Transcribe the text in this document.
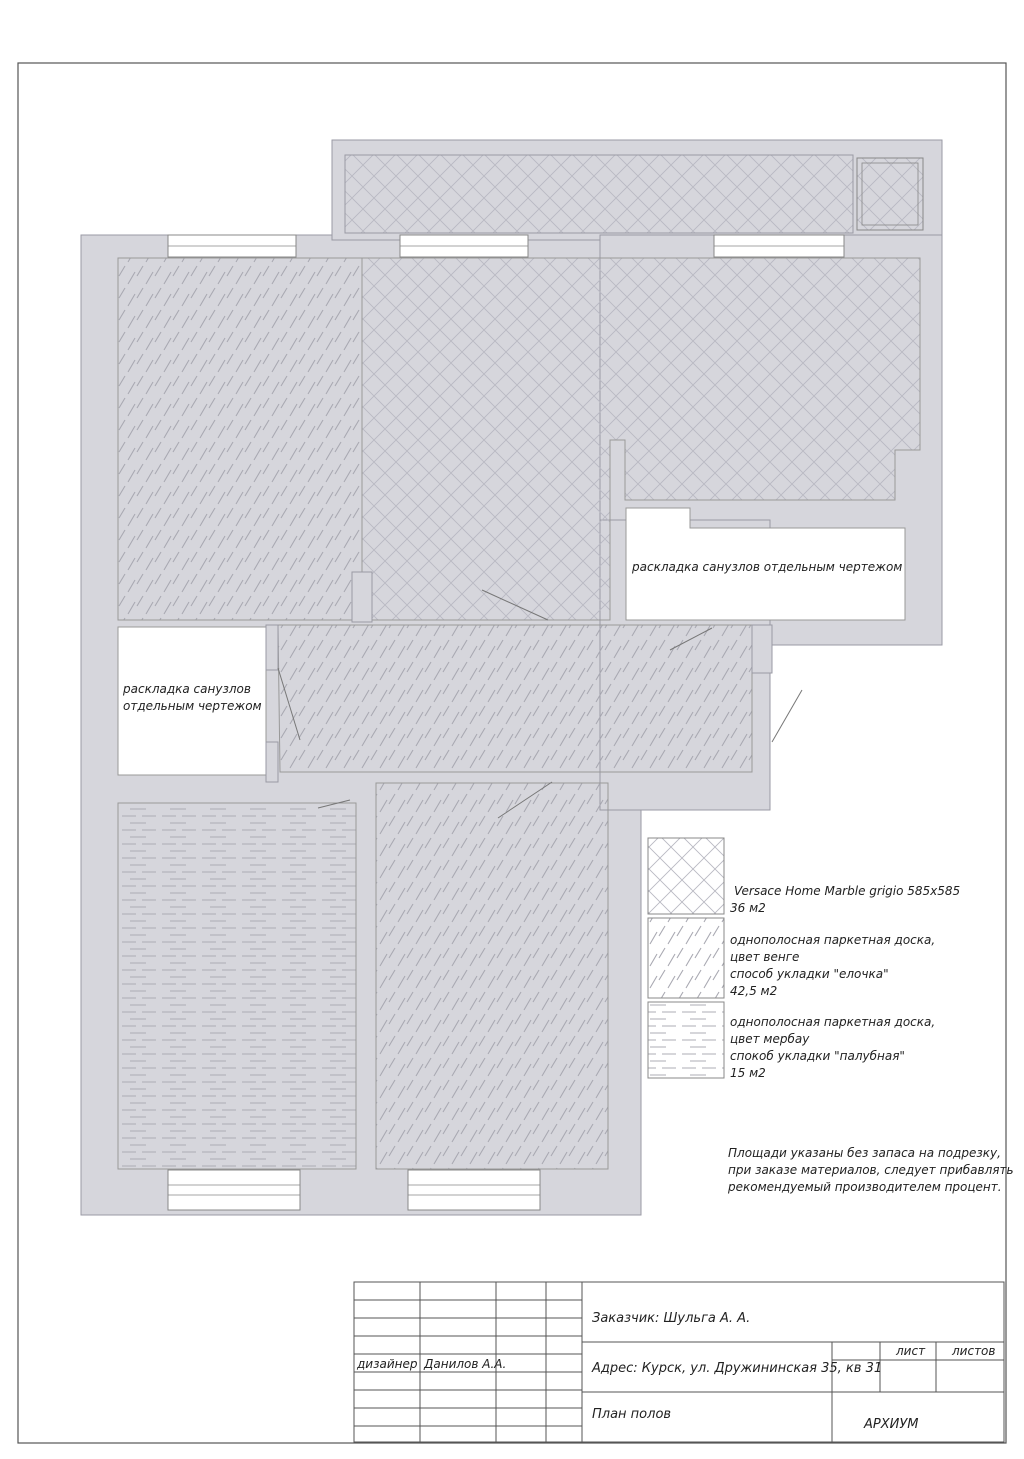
раскладка санузлов отдельным чертежом
раскладка санузлов
отдельным чертежом
Versace Home Marble grigio 585x585
36 м2
однополосная паркетная доска,
цвет венге
способ укладки "елочка"
42,5 м2
однополосная паркетная доска,
цвет мербау
спокоб укладки "палубная"
15 м2
Площади указаны без запаса на подрезку,
при заказе материалов, следует прибавлять
рекомендуемый производителем процент.
Заказчик: Шульга А. А.
дизайнер Данилов А.А.	Адрес: Курск, ул. Дружининская 35, кв 31
лист листов
План полов
АРХИУМ
